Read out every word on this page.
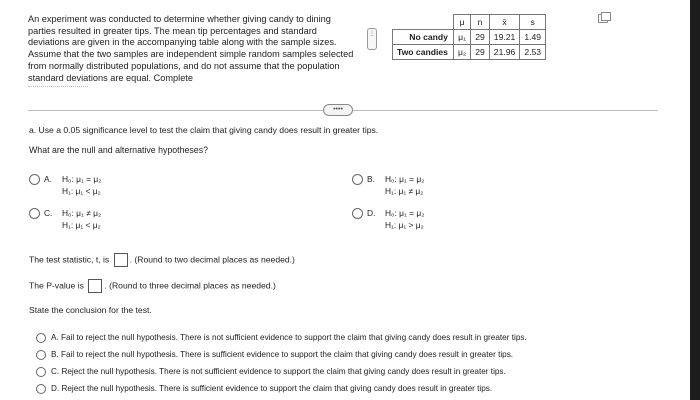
An experiment was conducted to determine whether giving candy to dining parties resulted in greater tips. The mean tip percentages and standard deviations are given in the accompanying table along with the sample sizes. Assume that the two samples are independent simple random samples selected from normally distributed populations, and do not assume that the population standard deviations are equal. Complete
⋮
	μ	n	x̄	s
No candy	μ₁	29	19.21	1.49
Two candies	μ₂	29	21.96	2.53
••••
a. Use a 0.05 significance level to test the claim that giving candy does result in greater tips.
What are the null and alternative hypotheses?
A. H₀: μ₁ = μ₂
H₁: μ₁ < μ₂
B. H₀: μ₁ = μ₂
H₁: μ₁ ≠ μ₂
C. H₀: μ₁ ≠ μ₂
H₁: μ₁ < μ₂
D. H₀: μ₁ = μ₂
H₁: μ₁ > μ₂
The test statistic, t, is . (Round to two decimal places as needed.)
The P-value is . (Round to three decimal places as needed.)
State the conclusion for the test.
A. Fail to reject the null hypothesis. There is not sufficient evidence to support the claim that giving candy does result in greater tips.
B. Fail to reject the null hypothesis. There is sufficient evidence to support the claim that giving candy does result in greater tips.
C. Reject the null hypothesis. There is not sufficient evidence to support the claim that giving candy does result in greater tips.
D. Reject the null hypothesis. There is sufficient evidence to support the claim that giving candy does result in greater tips.
